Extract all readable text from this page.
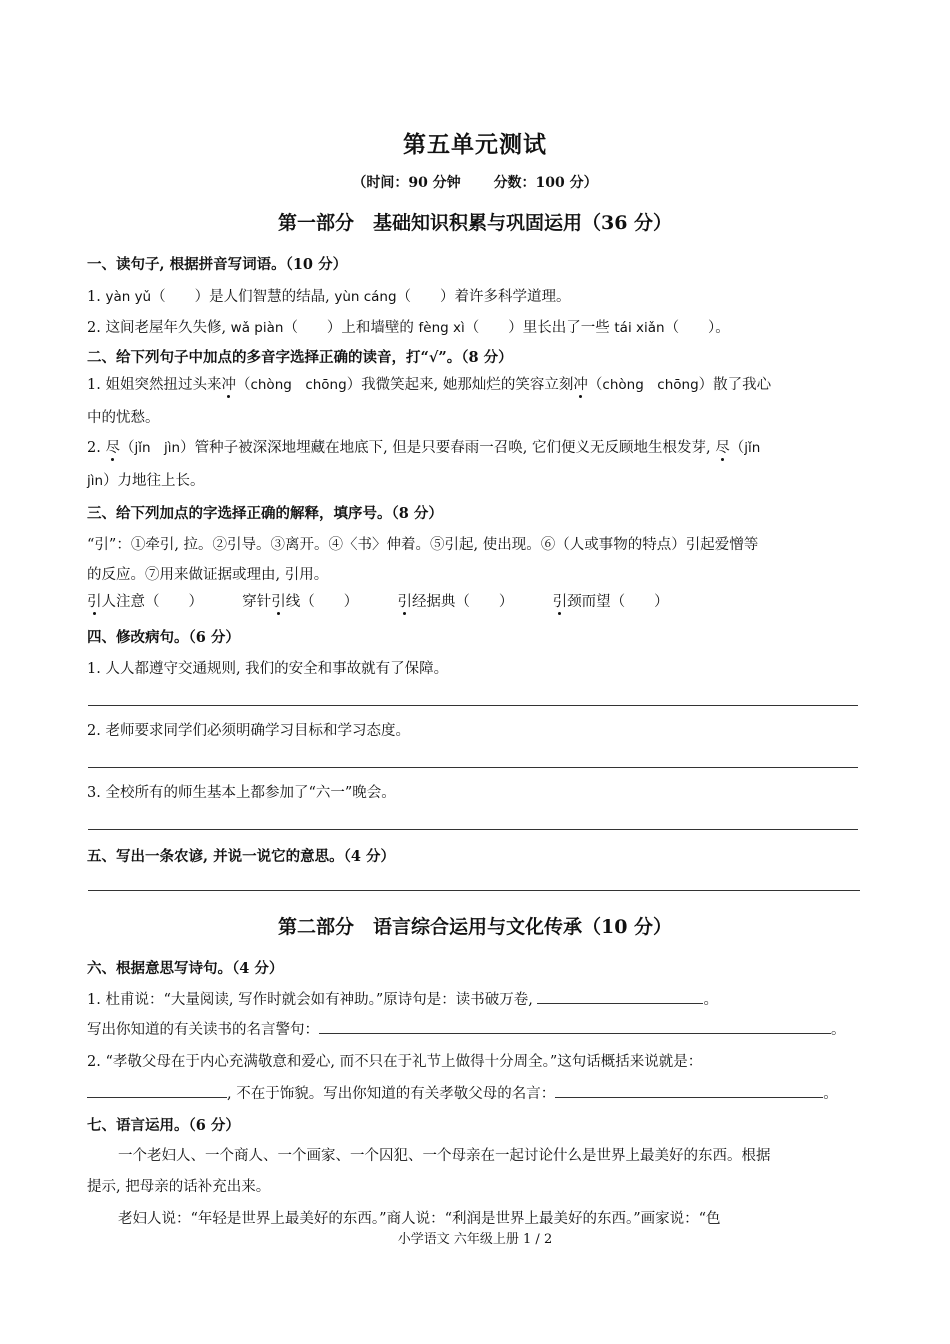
第五单元测试
（时间：90 分钟 分数：100 分）
第一部分　基础知识积累与巩固运用（36 分）
一、读句子, 根据拼音写词语。（10 分）
1. yàn yǔ（　　）是人们智慧的结晶, yùn cáng（　　）着许多科学道理。
2. 这间老屋年久失修, wǎ piàn（　　）上和墙壁的 fèng xì（　　）里长出了一些 tái xiǎn（　　）。
二、给下列句子中加点的多音字选择正确的读音，打“√”。（8 分）
1. 姐姐突然扭过头来冲（chòng　chōng）我微笑起来, 她那灿烂的笑容立刻冲（chòng　chōng）散了我心
中的忧愁。
2. 尽（jǐn　jìn）管种子被深深地埋藏在地底下, 但是只要春雨一召唤, 它们便义无反顾地生根发芽, 尽（jǐn
jìn）力地往上长。
三、给下列加点的字选择正确的解释，填序号。（8 分）
“引”：①牵引, 拉。②引导。③离开。④〈书〉伸着。⑤引起, 使出现。⑥（人或事物的特点）引起爱憎等
的反应。⑦用来做证据或理由, 引用。
引人注意（　　）	穿针引线（　　）	引经据典（　　）	引颈而望（　　）
四、修改病句。（6 分）
1. 人人都遵守交通规则, 我们的安全和事故就有了保障。
2. 老师要求同学们必须明确学习目标和学习态度。
3. 全校所有的师生基本上都参加了“六一”晚会。
五、写出一条农谚, 并说一说它的意思。（4 分）
第二部分　语言综合运用与文化传承（10 分）
六、根据意思写诗句。（4 分）
1. 杜甫说：“大量阅读, 写作时就会如有神助。”原诗句是：读书破万卷,	。
写出你知道的有关读书的名言警句：	。
2. “孝敬父母在于内心充满敬意和爱心, 而不只在于礼节上做得十分周全。”这句话概括来说就是：
, 不在于饰貌。写出你知道的有关孝敬父母的名言：	。
七、语言运用。（6 分）
一个老妇人、一个商人、一个画家、一个囚犯、一个母亲在一起讨论什么是世界上最美好的东西。根据
提示, 把母亲的话补充出来。
老妇人说：“年轻是世界上最美好的东西。”商人说：“利润是世界上最美好的东西。”画家说：“色
小学语文 六年级上册 1 / 2
